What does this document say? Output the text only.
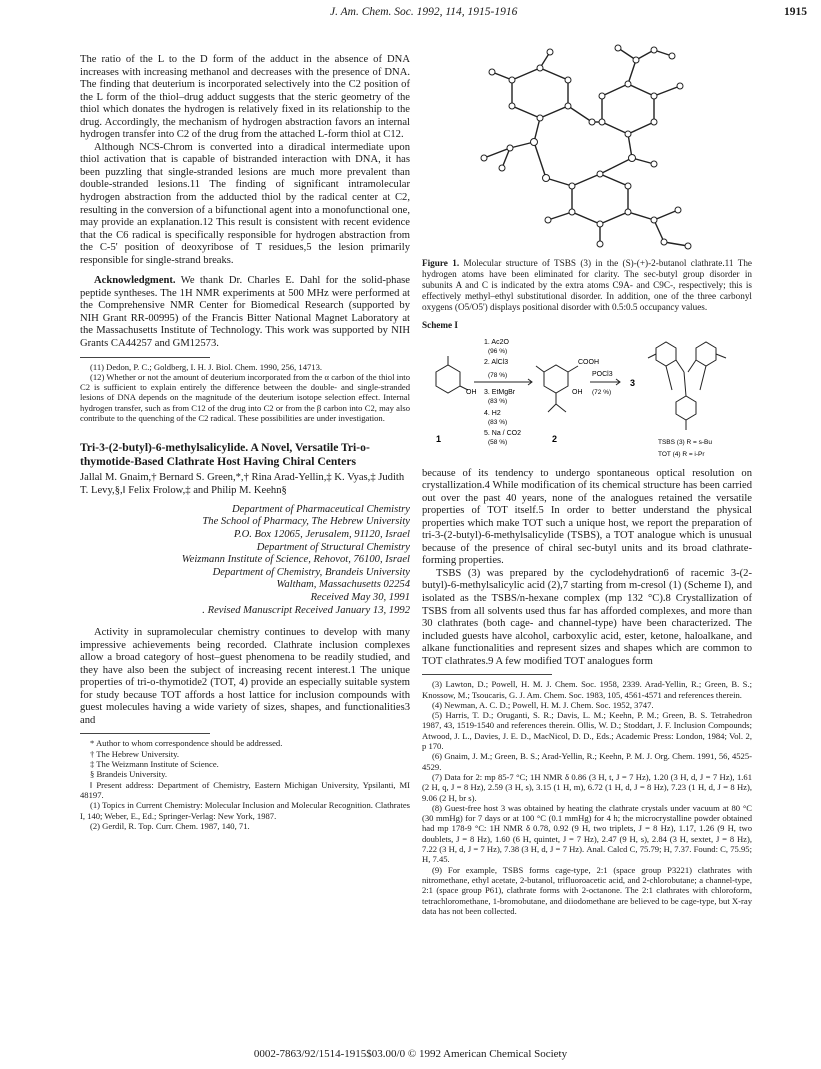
J. Am. Chem. Soc. 1992, 114, 1915-1916	1915

The ratio of the L to the D form of the adduct in the absence of DNA increases with increasing methanol and decreases with the presence of DNA. The finding that deuterium is incorporated selectively into the C2 position of the L form of the thiol–drug adduct suggests that the steric geometry of the thiol which donates the hydrogen is relatively fixed in its relationship to the drug. Accordingly, the mechanism of hydrogen abstraction favors an internal hydrogen transfer into C2 of the drug from the attached L-form thiol at C12.

Although NCS-Chrom is converted into a diradical intermediate upon thiol activation that is capable of bistranded interaction with DNA, it has been puzzling that single-stranded lesions are much more prevalent than double-stranded lesions.11 The finding of significant intramolecular hydrogen abstraction from the adducted thiol by the radical center at C2, resulting in the conversion of a bifunctional agent into a monofunctional one, may provide an explanation.12 This result is consistent with recent evidence that the C6 radical is specifically responsible for hydrogen abstraction from the C-5' position of deoxyribose of T residues,5 the lesion primarily responsible for single-strand breaks.

Acknowledgment. We thank Dr. Charles E. Dahl for the solid-phase peptide syntheses. The 1H NMR experiments at 500 MHz were performed at the Comprehensive NMR Center for Biomedical Research (supported by NIH Grant RR-00995) of the Francis Bitter National Magnet Laboratory at the Massachusetts Institute of Technology. This work was supported by NIH Grants CA44257 and GM12573.

(11) Dedon, P. C.; Goldberg, I. H. J. Biol. Chem. 1990, 256, 14713.

(12) Whether or not the amount of deuterium incorporated from the α carbon of the thiol into C2 is sufficient to explain entirely the difference between the double- and single-stranded lesions of DNA depends on the magnitude of the deuterium isotope selection effect. Internal hydrogen transfer, such as from C12 of the drug into C2 or from the β carbon into C2, may also contribute to the quenching of the C2 radical. These possibilities are under investigation.

Tri-3-(2-butyl)-6-methylsalicylide. A Novel, Versatile Tri-o-thymotide-Based Clathrate Host Having Chiral Centers
Jallal M. Gnaim,† Bernard S. Green,*,† Rina Arad-Yellin,‡ K. Vyas,‡ Judith T. Levy,§,‖ Felix Frolow,‡ and Philip M. Keehn§
Department of Pharmaceutical Chemistry
The School of Pharmacy, The Hebrew University
P.O. Box 12065, Jerusalem, 91120, Israel
Department of Structural Chemistry
Weizmann Institute of Science, Rehovot, 76100, Israel
Department of Chemistry, Brandeis University
Waltham, Massachusetts 02254
Received May 30, 1991
. Revised Manuscript Received January 13, 1992

Activity in supramolecular chemistry continues to develop with many impressive achievements being recorded. Clathrate inclusion complexes allow a broad category of host–guest phenomena to be readily studied, and they have also been the subject of increasing recent interest.1 The unique properties of tri-o-thymotide2 (TOT, 4) provide an especially suitable system for study because TOT affords a host lattice for inclusion compounds with guest molecules having a wide variety of sizes, shapes, and functionalities3 and

* Author to whom correspondence should be addressed.

† The Hebrew University.

‡ The Weizmann Institute of Science.

§ Brandeis University.

‖ Present address: Department of Chemistry, Eastern Michigan University, Ypsilanti, MI 48197.

(1) Topics in Current Chemistry: Molecular Inclusion and Molecular Recognition. Clathrates I, 140; Weber, E., Ed.; Springer-Verlag: New York, 1987.

(2) Gerdil, R. Top. Curr. Chem. 1987, 140, 71.

Figure 1. Molecular structure of TSBS (3) in the (S)-(+)-2-butanol clathrate.11 The hydrogen atoms have been eliminated for clarity. The sec-butyl group disorder in subunits A and C is indicated by the extra atoms C9A- and C9C-, respectively; this is effectively methyl–ethyl substitutional disorder. In addition, one of the three carbonyl oxygens (O5/O5') displays positional disorder with 0.5:0.5 occupancy values.
Scheme I
OH
COOH
OH
1. Ac2O
(96 %)
2. AlCl3
(78 %)
3. EtMgBr
(83 %)
4. H2
(83 %)
5. Na / CO2
(58 %)
POCl3
(72 %)
1	2
3
TSBS (3) R = s-Bu
TOT (4) R = i-Pr

because of its tendency to undergo spontaneous optical resolution on crystallization.4 While modification of its chemical structure has been carried out over the past 40 years, none of the analogues retained the versatile properties of TOT itself.5 In order to better understand the physical properties which make TOT such a unique host, we report the preparation of tri-3-(2-butyl)-6-methylsalicylide (TSBS), a TOT analogue which is unusual because of the presence of chiral sec-butyl units and its broad clathrate-forming properties.

TSBS (3) was prepared by the cyclodehydration6 of racemic 3-(2-butyl)-6-methylsalicylic acid (2),7 starting from m-cresol (1) (Scheme I), and isolated as the TSBS/n-hexane complex (mp 132 °C).8 Crystallization of TSBS from all solvents used thus far has afforded complexes, and more than 30 clathrates (both cage- and channel-type) have been characterized. The included guests have alcohol, carboxylic acid, ester, ketone, haloalkane, and alkane functionalities and represent sizes and shapes which are common to TOT clathrates.9 A few modified TOT analogues form

(3) Lawton, D.; Powell, H. M. J. Chem. Soc. 1958, 2339. Arad-Yellin, R.; Green, B. S.; Knossow, M.; Tsoucaris, G. J. Am. Chem. Soc. 1983, 105, 4561-4571 and references therein.

(4) Newman, A. C. D.; Powell, H. M. J. Chem. Soc. 1952, 3747.

(5) Harris, T. D.; Oruganti, S. R.; Davis, L. M.; Keehn, P. M.; Green, B. S. Tetrahedron 1987, 43, 1519-1540 and references therein. Ollis, W. D.; Stoddart, J. F. Inclusion Compounds; Atwood, J. L., Davies, J. E. D., MacNicol, D. D., Eds.; Academic Press: London, 1984; Vol. 2, p 170.

(6) Gnaim, J. M.; Green, B. S.; Arad-Yellin, R.; Keehn, P. M. J. Org. Chem. 1991, 56, 4525-4529.

(7) Data for 2: mp 85-7 °C; 1H NMR δ 0.86 (3 H, t, J = 7 Hz), 1.20 (3 H, d, J = 7 Hz), 1.61 (2 H, q, J = 8 Hz), 2.59 (3 H, s), 3.15 (1 H, m), 6.72 (1 H, d, J = 8 Hz), 7.23 (1 H, d, J = 8 Hz), 9.06 (2 H, br s).

(8) Guest-free host 3 was obtained by heating the clathrate crystals under vacuum at 80 °C (30 mmHg) for 7 days or at 100 °C (0.1 mmHg) for 4 h; the microcrystalline powder obtained had mp 178-9 °C: 1H NMR δ 0.78, 0.92 (9 H, two triplets, J = 8 Hz), 1.17, 1.26 (9 H, two doublets, J = 8 Hz), 1.60 (6 H, quintet, J = 7 Hz), 2.47 (9 H, s), 2.84 (3 H, sextet, J = 8 Hz), 7.22 (3 H, d, J = 7 Hz), 7.38 (3 H, d, J = 7 Hz). Anal. Calcd C, 75.79; H, 7.37. Found: C, 75.95; H, 7.45.

(9) For example, TSBS forms cage-type, 2:1 (space group P3221) clathrates with nitromethane, ethyl acetate, 2-butanol, trifluoroacetic acid, and 2-chlorobutane; a channel-type, 2:1 (space group P61), clathrate forms with 2-octanone. The 2:1 clathrates with chloroform, tetrachloromethane, 1-bromobutane, and diiodomethane are believed to be cage-type, but X-ray data has not been collected.

0002-7863/92/1514-1915$03.00/0 © 1992 American Chemical Society
